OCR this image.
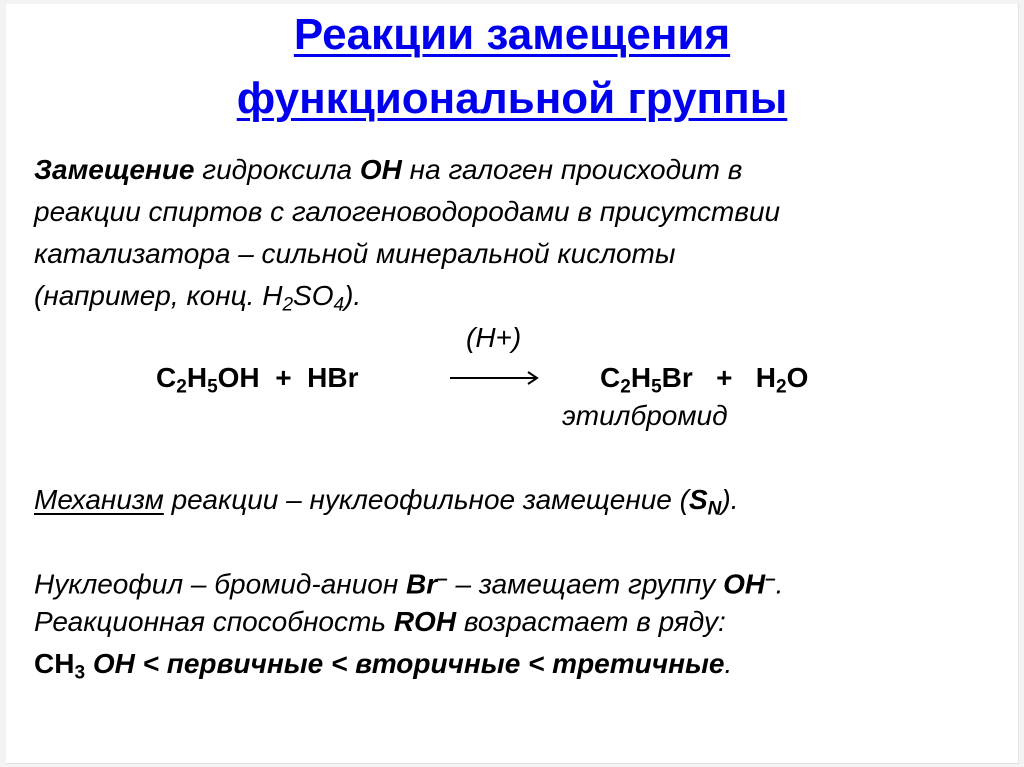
Реакции замещения
функциональной группы
Замещение гидроксила OH на галоген происходит в
реакции спиртов с галогеноводородами в присутствии
катализатора – сильной минеральной кислоты
(например, конц. $H_2SO_4$).
(H+)
$C_2H_5OH$  +  HBr	$C_2H_5Br + H_2O$
этилбромид
Механизм реакции – нуклеофильное замещение $(S_N)$.
Нуклеофил – бромид-анион Br– – замещает группу OH–.
Реакционная способность ROH возрастает в ряду:
$CH_3$ OH < первичные < вторичные < третичные.
